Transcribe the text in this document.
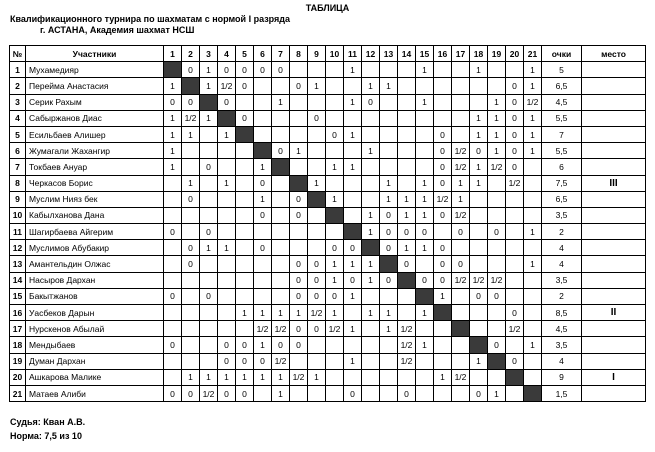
ТАБЛИЦА
Квалификационного турнира по шахматам с нормой I разряда
г. АСТАНА, Академия шахмат НСШ
№	Участники	1	2	3	4	5	6	7	8	9	10	11	12	13	14	15	16	17	18	19	20	21	очки	место
1	Мухамедияр		0	1	0	0	0	0				1				1			1			1	5	
2	Перейма Анастасия	1		1	1/2	0			0	1			1	1							0	1	6,5	
3	Серик Рахым	0	0		0			1				1	0			1				1	0	1/2	4,5	
4	Сабыржанов Диас	1	1/2	1		0				0									1	1	0	1	5,5	
5	Есильбаев Алишер	1	1		1						0	1					0		1	1	0	1	7	
6	Жумагали Жахангир	1						0	1				1				0	1/2	0	1	0	1	5,5	
7	Токбаев Ануар	1		0			1				1	1					0	1/2	1	1/2	0		6	
8	Черкасов Борис		1		1		0			1				1		1	0	1	1		1/2		7,5	III
9	Муслим Нияз бек		0				1		0		1			1	1	1	1/2	1					6,5	
10	Кабылханова Дана						0		0				1	0	1	1	0	1/2					3,5	
11	Шагирбаева Айгерим	0		0									1	0	0	0		0		0		1	2	
12	Муслимов Абубакир		0	1	1		0				0	0		0	1	1	0						4	
13	Амантельдин Олжас		0						0	0	1	1	1		0		0	0				1	4	
14	Насыров Дархан								0	0	1	0	1	0		0	0	1/2	1/2	1/2			3,5	
15	Бакытжанов	0		0					0	0	0	1					1		0	0			2	
16	Уасбеков Дарын					1	1	1	1	1/2	1		1	1		1					0		8,5	II
17	Нурскенов Абылай						1/2	1/2	0	0	1/2	1		1	1/2						1/2		4,5	
18	Мендыбаев	0			0	0	1	0	0						1/2	1				0		1	3,5	
19	Думан Дархан				0	0	0	1/2				1			1/2				1		0		4	
20	Ашкарова Малике		1	1	1	1	1	1	1/2	1							1	1/2					9	I
21	Матаев Алиби	0	0	1/2	0	0		1				0			0				0	1			1,5	
Судья: Кван А.В.
Норма: 7,5 из 10
